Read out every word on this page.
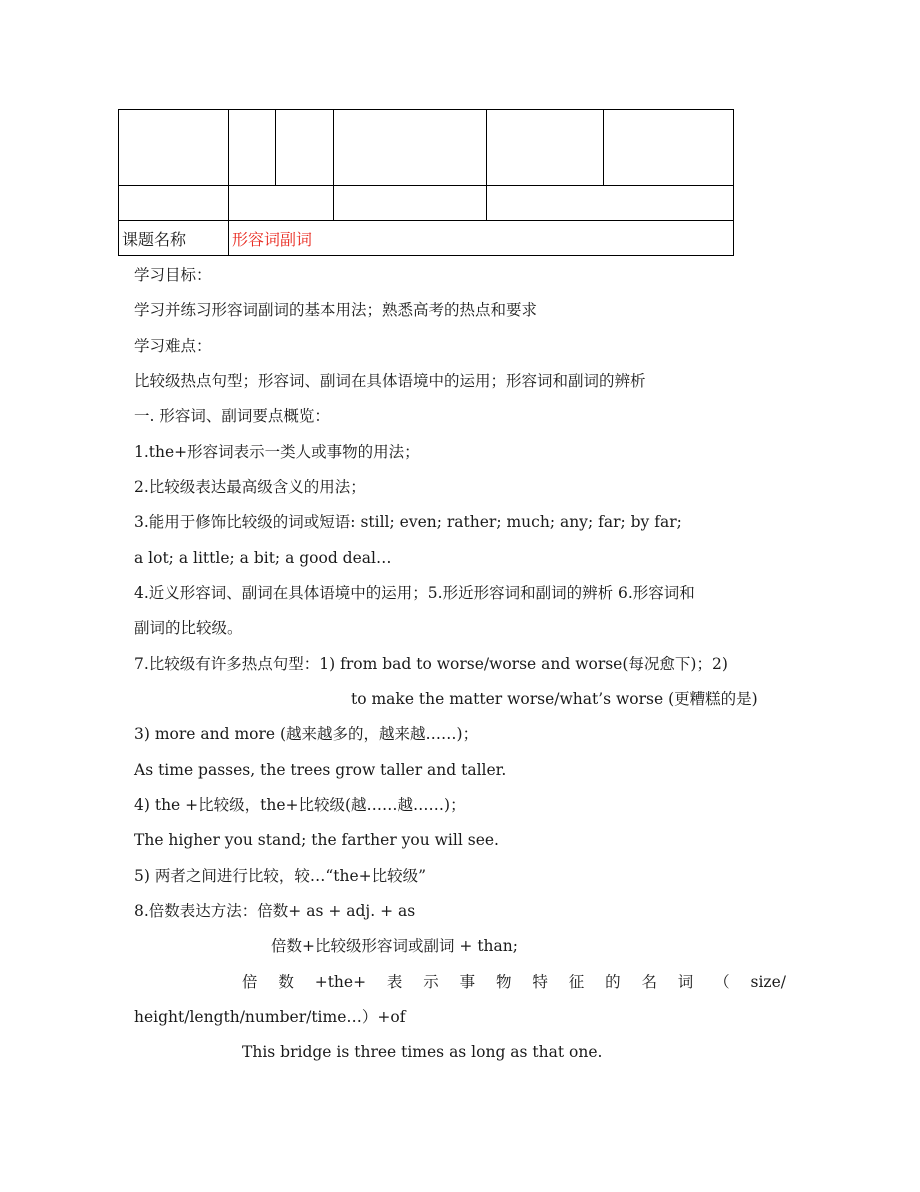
课题名称	形容词副词				
学习目标：
学习并练习形容词副词的基本用法；熟悉高考的热点和要求
学习难点：
比较级热点句型；形容词、副词在具体语境中的运用；形容词和副词的辨析
一. 形容词、副词要点概览：
1.the+形容词表示一类人或事物的用法；
2.比较级表达最高级含义的用法；
3.能用于修饰比较级的词或短语: still; even; rather; much; any; far; by far;
a lot; a little; a bit; a good deal…
4.近义形容词、副词在具体语境中的运用；5.形近形容词和副词的辨析 6.形容词和
副词的比较级。
7.比较级有许多热点句型：1) from bad to worse/worse and worse(每况愈下)；2)
to make the matter worse/what’s worse (更糟糕的是)
3) more and more (越来越多的，越来越……)；
As time passes, the trees grow taller and taller.
4) the +比较级，the+比较级(越……越……)；
The higher you stand; the farther you will see.
5) 两者之间进行比较，较…“the+比较级”
8.倍数表达方法：倍数+ as + adj. + as
倍数+比较级形容词或副词 + than;
倍 数 +the+ 表 示 事 物 特 征 的 名 词 （ size/
height/length/number/time…）+of
This bridge is three times as long as that one.
